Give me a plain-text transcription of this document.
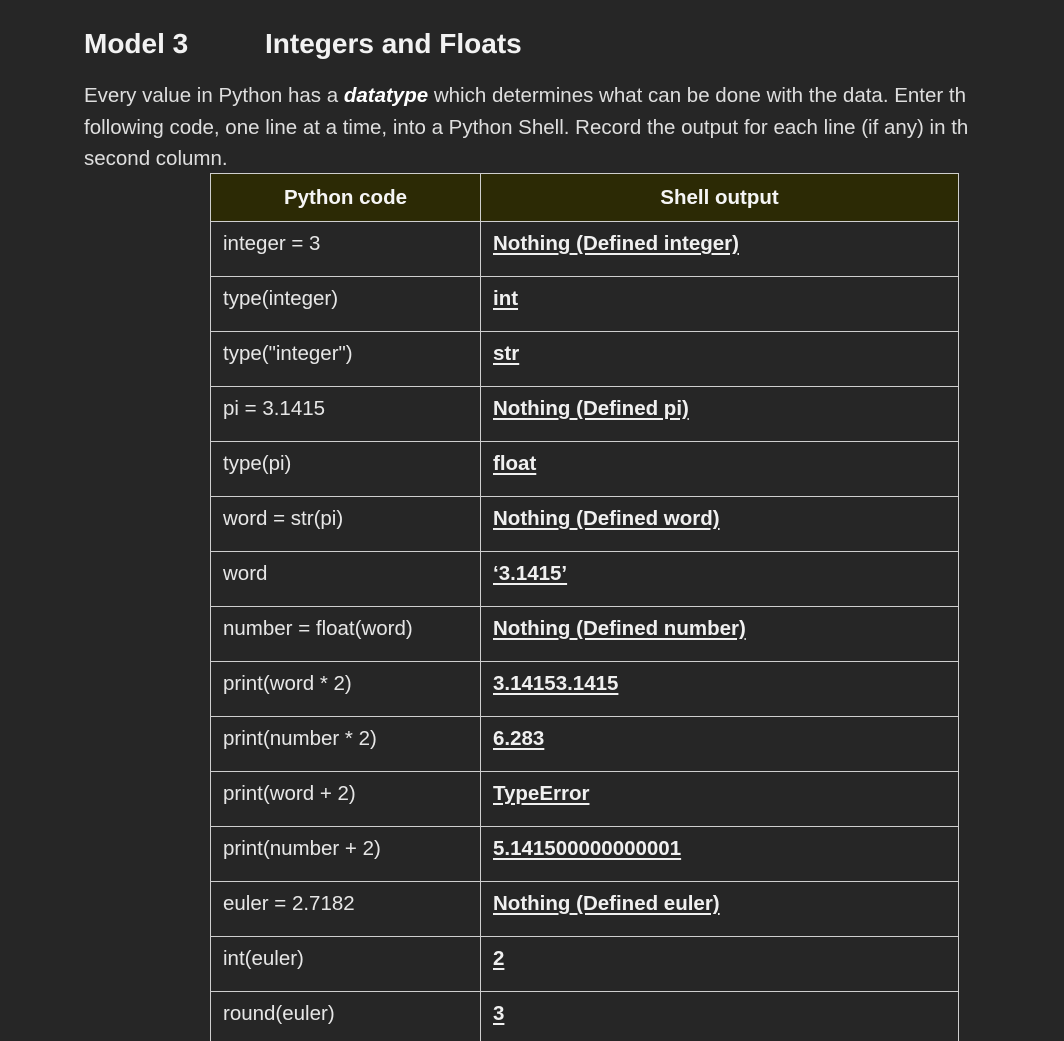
Model 3	Integers and Floats

Every value in Python has a datatype which determines what can be done with the data. Enter th
following code, one line at a time, into a Python Shell. Record the output for each line (if any) in th
second column.

Python code	Shell output

integer = 3	Nothing (Defined integer)

type(integer)	int

type("integer")	str

pi = 3.1415	Nothing (Defined pi)

type(pi)	float

word = str(pi)	Nothing (Defined word)

word	‘3.1415’

number = float(word)	Nothing (Defined number)

print(word * 2)	3.14153.1415

print(number * 2)	6.283

print(word + 2)	TypeError

print(number + 2)	5.141500000000001

euler = 2.7182	Nothing (Defined euler)

int(euler)	2

round(euler)	3
